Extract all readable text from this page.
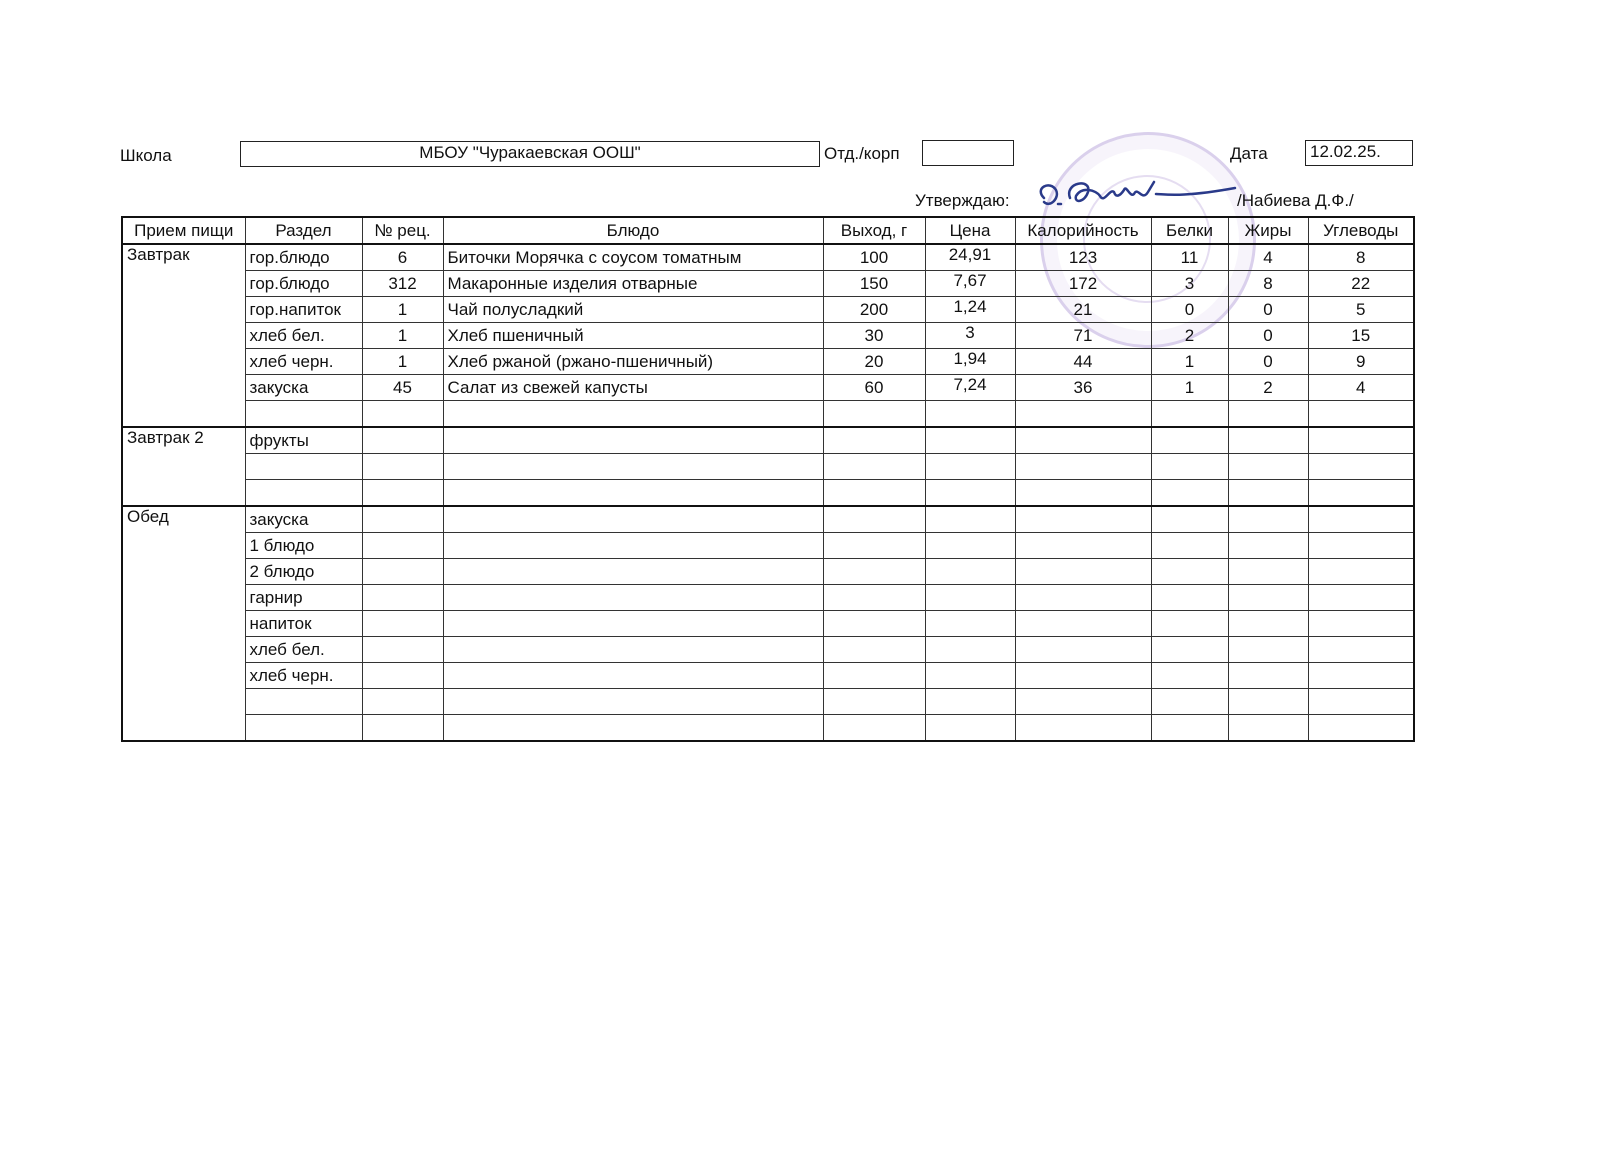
Школа	МБОУ "Чуракаевская ООШ"	Отд./корп	Дата 12.02.25.
Утверждаю:	/Набиева Д.Ф./
Прием пищи	Раздел	№ рец.	Блюдо	Выход, г	Цена	Калорийность	Белки	Жиры	Углеводы
Завтрак	гор.блюдо	6	Биточки Морячка с соусом томатным	100	24,91	123	11	4	8
	гор.блюдо	312	Макаронные изделия отварные	150	7,67	172	3	8	22
	гор.напиток	1	Чай полусладкий	200	1,24	21	0	0	5
	хлеб бел.	1	Хлеб пшеничный	30	3	71	2	0	15
	хлеб черн.	1	Хлеб ржаной (ржано-пшеничный)	20	1,94	44	1	0	9
	закуска	45	Салат из свежей капусты	60	7,24	36	1	2	4

Завтрак 2	фрукты								

Обед	закуска								
	1 блюдо								
	2 блюдо								
	гарнир								
	напиток								
	хлеб бел.								
	хлеб черн.								
